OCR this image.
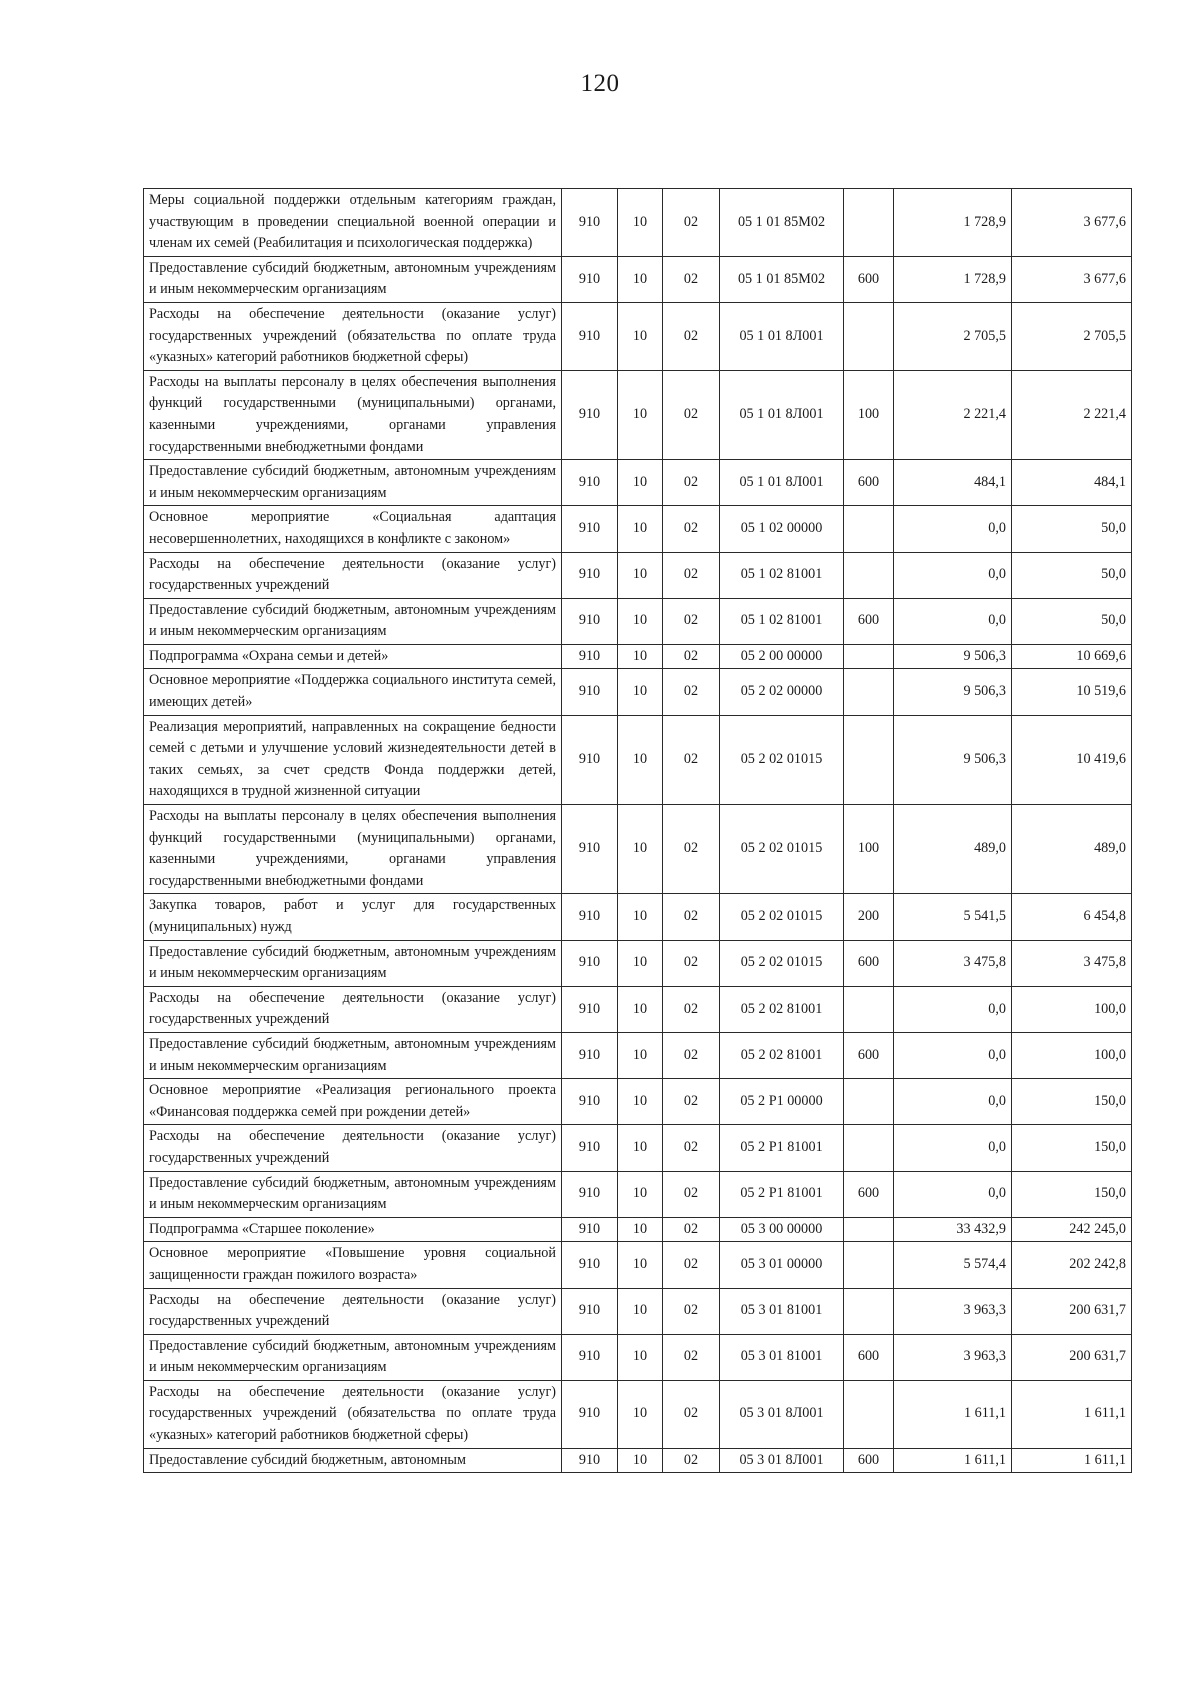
120
Меры социальной поддержки отдельным категориям граждан, участвующим в проведении специальной военной операции и членам их семей (Реабилитация и психологическая поддержка)	910	10	02	05 1 01 85М02		1 728,9	3 677,6
Предоставление субсидий бюджетным, автономным учреждениям и иным некоммерческим организациям	910	10	02	05 1 01 85М02	600	1 728,9	3 677,6
Расходы на обеспечение деятельности (оказание услуг) государственных учреждений (обязательства по оплате труда «указных» категорий работников бюджетной сферы)	910	10	02	05 1 01 8Л001		2 705,5	2 705,5
Расходы на выплаты персоналу в целях обеспечения выполнения функций государственными (муниципальными) органами, казенными учреждениями, органами управления государственными внебюджетными фондами	910	10	02	05 1 01 8Л001	100	2 221,4	2 221,4
Предоставление субсидий бюджетным, автономным учреждениям и иным некоммерческим организациям	910	10	02	05 1 01 8Л001	600	484,1	484,1
Основное мероприятие «Социальная адаптация несовершеннолетних, находящихся в конфликте с законом»	910	10	02	05 1 02 00000		0,0	50,0
Расходы на обеспечение деятельности (оказание услуг) государственных учреждений	910	10	02	05 1 02 81001		0,0	50,0
Предоставление субсидий бюджетным, автономным учреждениям и иным некоммерческим организациям	910	10	02	05 1 02 81001	600	0,0	50,0
Подпрограмма «Охрана семьи и детей»	910	10	02	05 2 00 00000		9 506,3	10 669,6
Основное мероприятие «Поддержка социального института семей, имеющих детей»	910	10	02	05 2 02 00000		9 506,3	10 519,6
Реализация мероприятий, направленных на сокращение бедности семей с детьми и улучшение условий жизнедеятельности детей в таких семьях, за счет средств Фонда поддержки детей, находящихся в трудной жизненной ситуации	910	10	02	05 2 02 01015		9 506,3	10 419,6
Расходы на выплаты персоналу в целях обеспечения выполнения функций государственными (муниципальными) органами, казенными учреждениями, органами управления государственными внебюджетными фондами	910	10	02	05 2 02 01015	100	489,0	489,0
Закупка товаров, работ и услуг для государственных (муниципальных) нужд	910	10	02	05 2 02 01015	200	5 541,5	6 454,8
Предоставление субсидий бюджетным, автономным учреждениям и иным некоммерческим организациям	910	10	02	05 2 02 01015	600	3 475,8	3 475,8
Расходы на обеспечение деятельности (оказание услуг) государственных учреждений	910	10	02	05 2 02 81001		0,0	100,0
Предоставление субсидий бюджетным, автономным учреждениям и иным некоммерческим организациям	910	10	02	05 2 02 81001	600	0,0	100,0
Основное мероприятие «Реализация регионального проекта «Финансовая поддержка семей при рождении детей»	910	10	02	05 2 Р1 00000		0,0	150,0
Расходы на обеспечение деятельности (оказание услуг) государственных учреждений	910	10	02	05 2 Р1 81001		0,0	150,0
Предоставление субсидий бюджетным, автономным учреждениям и иным некоммерческим организациям	910	10	02	05 2 Р1 81001	600	0,0	150,0
Подпрограмма «Старшее поколение»	910	10	02	05 3 00 00000		33 432,9	242 245,0
Основное мероприятие «Повышение уровня социальной защищенности граждан пожилого возраста»	910	10	02	05 3 01 00000		5 574,4	202 242,8
Расходы на обеспечение деятельности (оказание услуг) государственных учреждений	910	10	02	05 3 01 81001		3 963,3	200 631,7
Предоставление субсидий бюджетным, автономным учреждениям и иным некоммерческим организациям	910	10	02	05 3 01 81001	600	3 963,3	200 631,7
Расходы на обеспечение деятельности (оказание услуг) государственных учреждений (обязательства по оплате труда «указных» категорий работников бюджетной сферы)	910	10	02	05 3 01 8Л001		1 611,1	1 611,1
Предоставление субсидий бюджетным, автономным	910	10	02	05 3 01 8Л001	600	1 611,1	1 611,1
